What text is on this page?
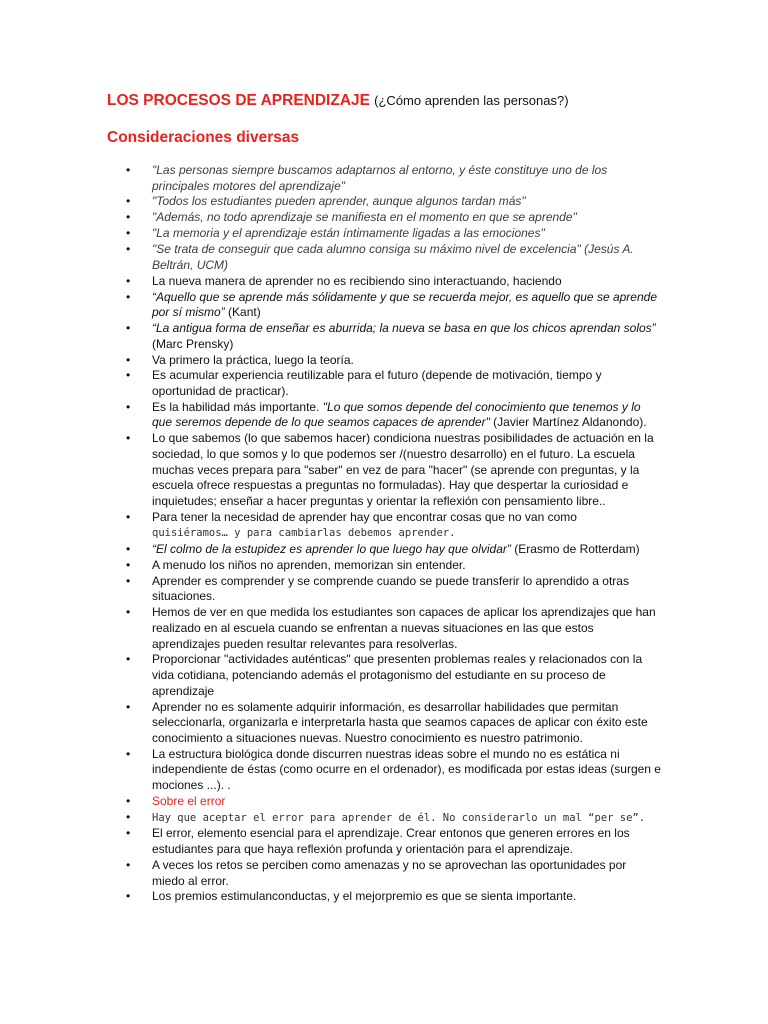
LOS PROCESOS DE APRENDIZAJE (¿Cómo aprenden las personas?)
Consideraciones diversas
• "Las personas siempre buscamos adaptarnos al entorno, y éste constituye uno de los principales motores del aprendizaje"
• "Todos los estudiantes pueden aprender, aunque algunos tardan más"
• "Además, no todo aprendizaje se manifiesta en el momento en que se aprende"
• "La memoria y el aprendizaje están íntimamente ligadas a las emociones"
• "Se trata de conseguir que cada alumno consiga su máximo nivel de excelencia" (Jesús A. Beltrán, UCM)
• La nueva manera de aprender no es recibiendo sino interactuando, haciendo
• “Aquello que se aprende más sólidamente y que se recuerda mejor, es aquello que se aprende por sí mismo” (Kant)
• “La antigua forma de enseñar es aburrida; la nueva se basa en que los chicos aprendan solos” (Marc Prensky)
• Va primero la práctica, luego la teoría.
• Es acumular experiencia reutilizable para el futuro (depende de motivación, tiempo y oportunidad de practicar).
• Es la habilidad más importante. "Lo que somos depende del conocimiento que tenemos y lo que seremos depende de lo que seamos capaces de aprender" (Javier Martínez Aldanondo).
• Lo que sabemos (lo que sabemos hacer) condiciona nuestras posibilidades de actuación en la sociedad, lo que somos y lo que podemos ser /(nuestro desarrollo) en el futuro. La escuela muchas veces prepara para "saber" en vez de para "hacer" (se aprende con preguntas, y la escuela ofrece respuestas a preguntas no formuladas). Hay que despertar la curiosidad e inquietudes; enseñar a hacer preguntas y orientar la reflexión con pensamiento libre..
• Para tener la necesidad de aprender hay que encontrar cosas que no van como
quisiéramos… y para cambiarlas debemos aprender.
• “El colmo de la estupidez es aprender lo que luego hay que olvidar” (Erasmo de Rotterdam)
• A menudo los niños no aprenden, memorizan sin entender.
• Aprender es comprender y se comprende cuando se puede transferir lo aprendido a otras situaciones.
• Hemos de ver en que medida los estudiantes son capaces de aplicar los aprendizajes que han realizado en al escuela cuando se enfrentan a nuevas situaciones en las que estos aprendizajes pueden resultar relevantes para resolverlas.
• Proporcionar "actividades auténticas" que presenten problemas reales y relacionados con la vida cotidiana, potenciando además el protagonismo del estudiante en su proceso de aprendizaje
• Aprender no es solamente adquirir información, es desarrollar habilidades que permitan seleccionarla, organizarla e interpretarla hasta que seamos capaces de aplicar con éxito este conocimiento a situaciones nuevas. Nuestro conocimiento es nuestro patrimonio.
• La estructura biológica donde discurren nuestras ideas sobre el mundo no es estática ni independiente de éstas (como ocurre en el ordenador), es modificada por estas ideas (surgen e mociones ...). .
• Sobre el error
• Hay que aceptar el error para aprender de él. No considerarlo un mal “per se”.
• El error, elemento esencial para el aprendizaje. Crear entonos que generen errores en los estudiantes para que haya reflexión profunda y orientación para el aprendizaje.
• A veces los retos se perciben como amenazas y no se aprovechan las oportunidades por miedo al error.
• Los premios estimulanconductas, y el mejorpremio es que se sienta importante.
